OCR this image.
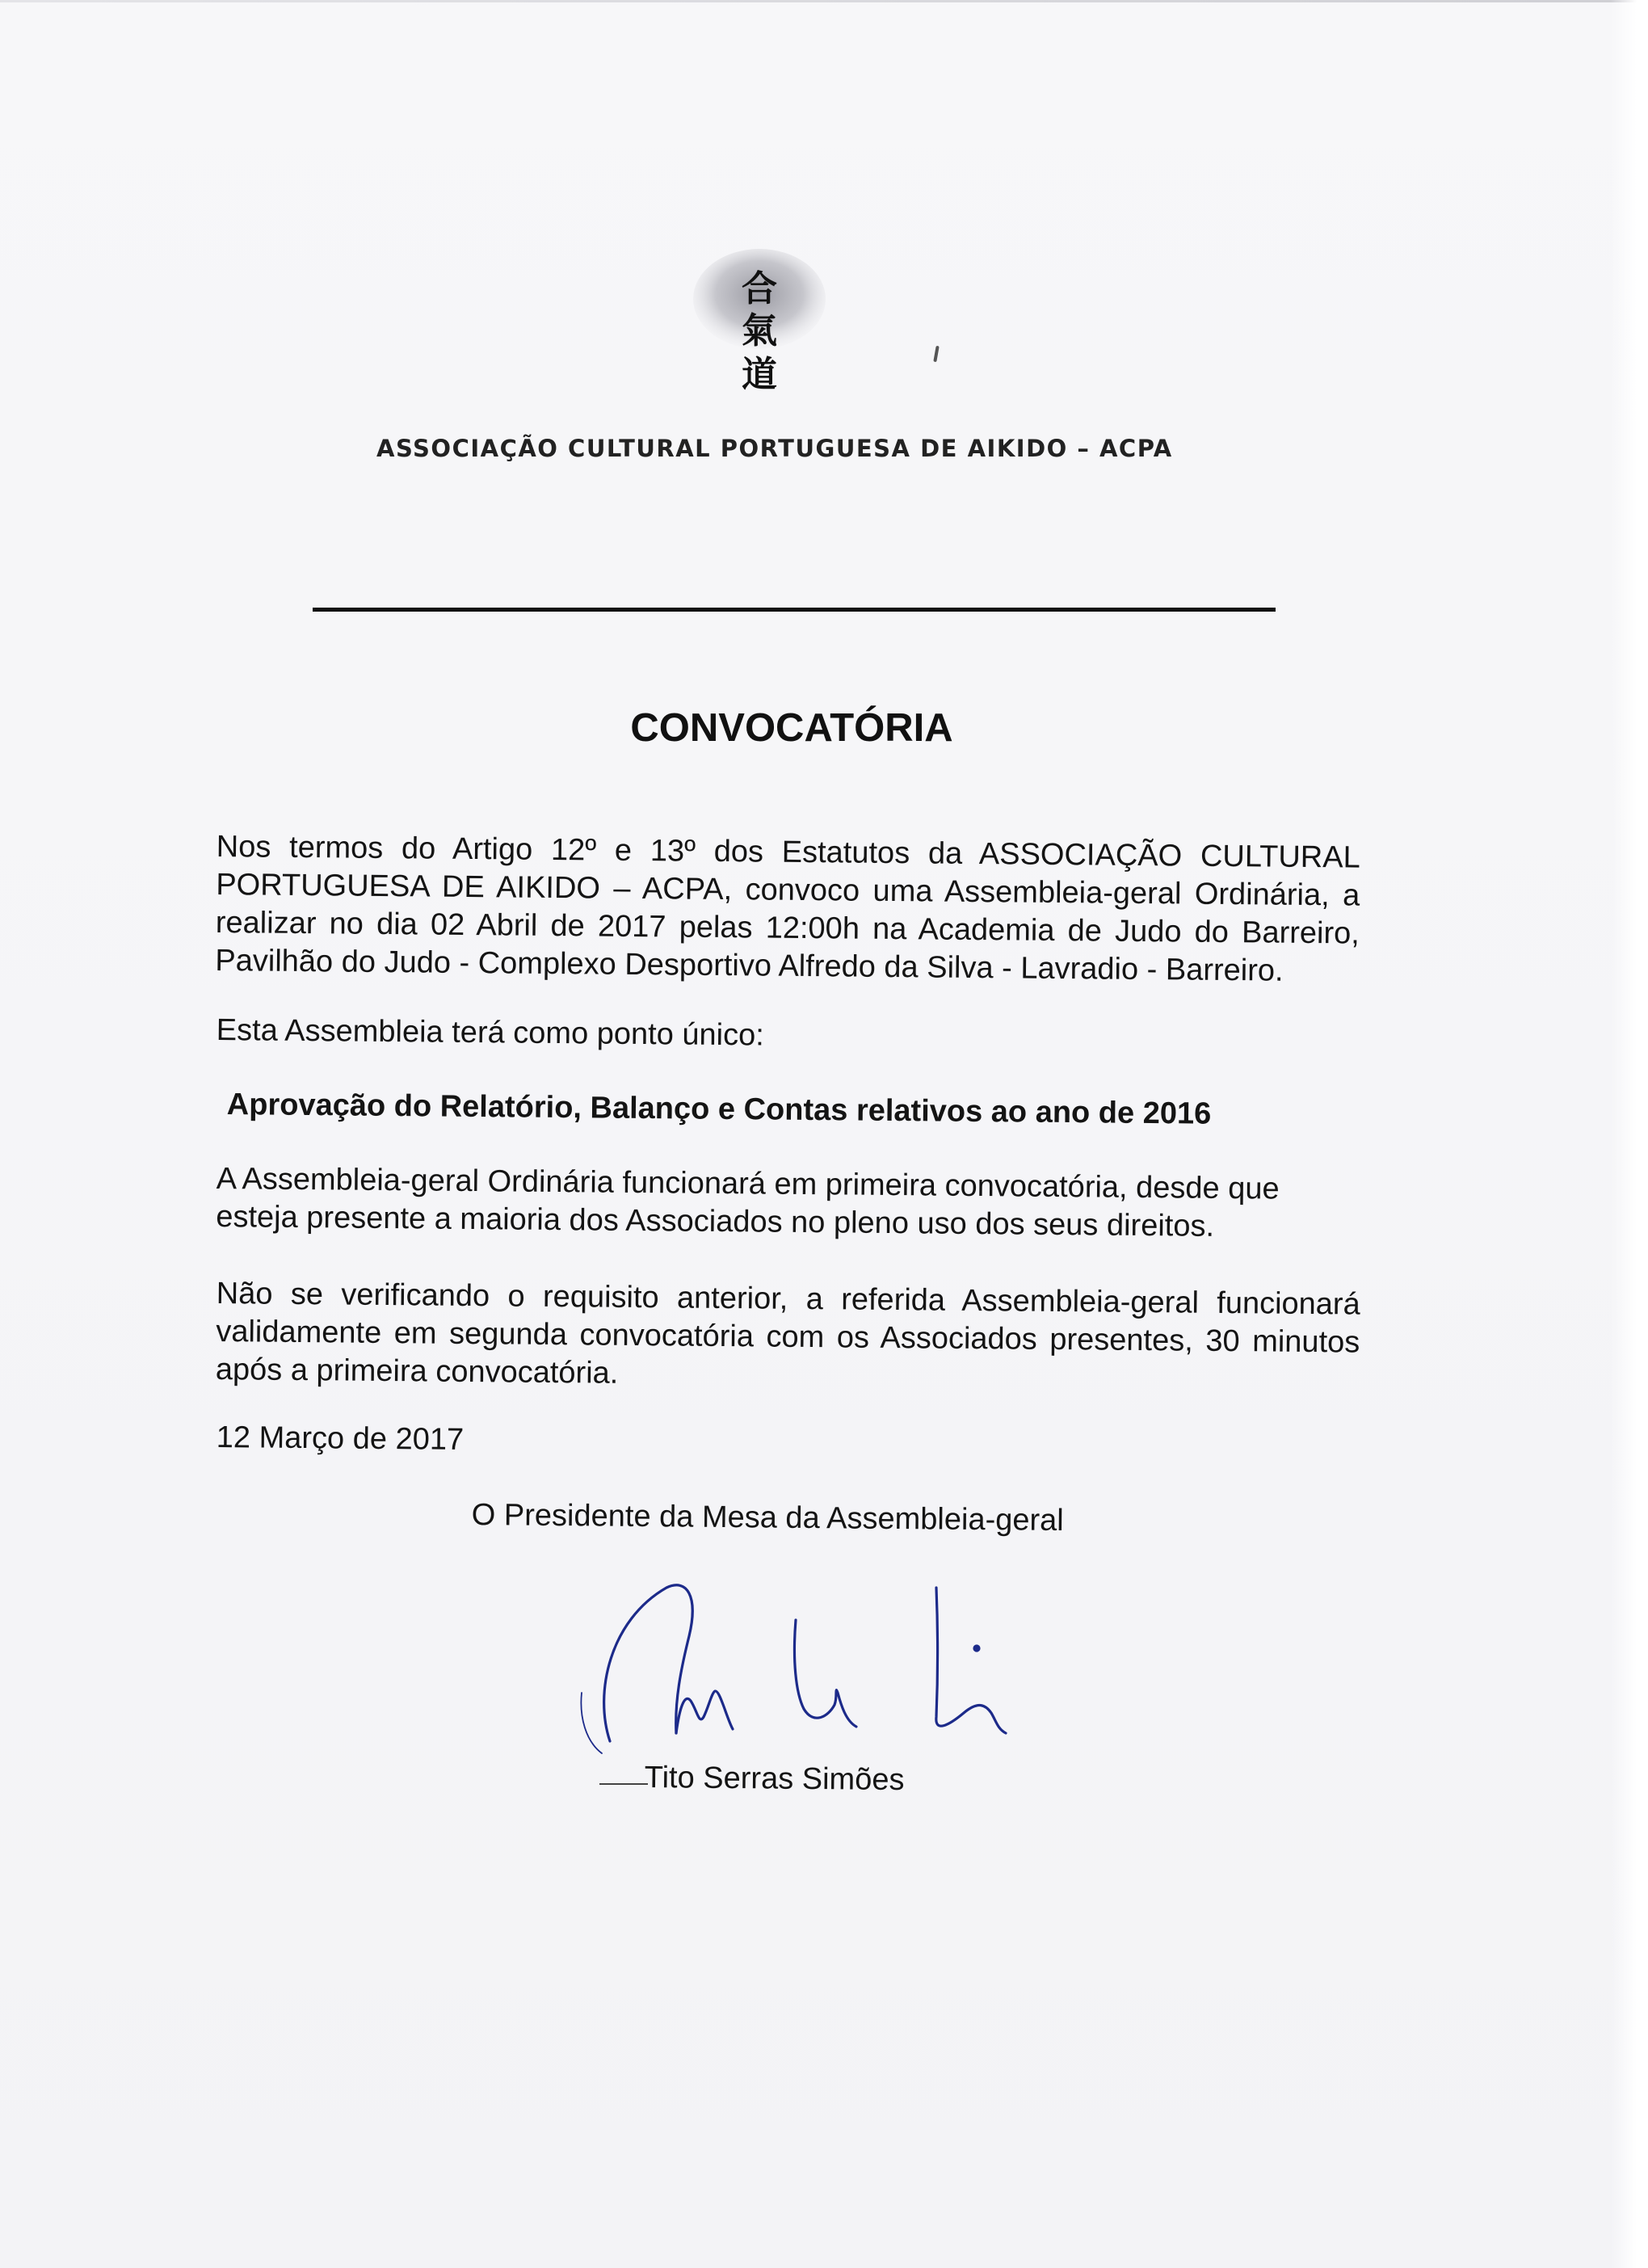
合
氣
道
ASSOCIAÇÃO CULTURAL PORTUGUESA DE AIKIDO – ACPA
CONVOCATÓRIA
Nos termos do Artigo 12º e 13º dos Estatutos da ASSOCIAÇÃO CULTURAL PORTUGUESA DE AIKIDO – ACPA, convoco uma Assembleia-geral Ordinária, a realizar no dia 02 Abril de 2017 pelas 12:00h na Academia de Judo do Barreiro, Pavilhão do Judo - Complexo Desportivo Alfredo da Silva - Lavradio - Barreiro.
Esta Assembleia terá como ponto único:
Aprovação do Relatório, Balanço e Contas relativos ao ano de 2016
A Assembleia-geral Ordinária funcionará em primeira convocatória, desde que esteja presente a maioria dos Associados no pleno uso dos seus direitos.
Não se verificando o requisito anterior, a referida Assembleia-geral funcionará validamente em segunda convocatória com os Associados presentes, 30 minutos após a primeira convocatória.
12 Março de 2017
O Presidente da Mesa da Assembleia-geral
Tito Serras Simões
